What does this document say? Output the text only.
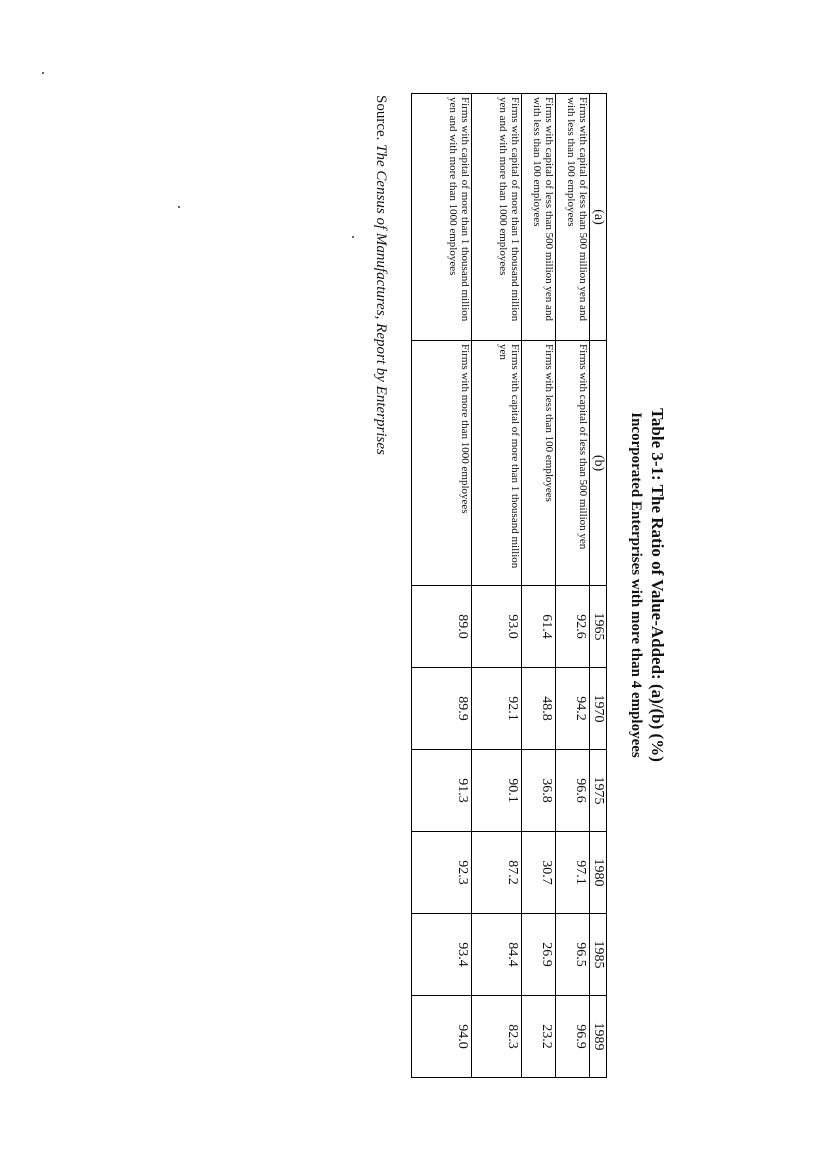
Table 3-1: The Ratio of Value-Added: (a)/(b) (%)
Incorporated Enterprises with more than 4 employees
(a)	(b)	1965	1970	1975	1980	1985	1989
Firms with capital of less than 500 million yen and with less than 100 employees	Firms with capital of less than 500 million yen	92.6	94.2	96.6	97.1	96.5	96.9
Firms with capital of less than 500 million yen and with less than 100 employees	Firms with less than 100 employees	61.4	48.8	36.8	30.7	26.9	23.2
Firms with capital of more than 1 thousand million yen and with more than 1000 employees	Firms with capital of more than 1 thousand million yen	93.0	92.1	90.1	87.2	84.4	82.3
Firms with capital of more than 1 thousand million yen and with more than 1000 employees	Firms with more than 1000 employees	89.0	89.9	91.3	92.3	93.4	94.0
Source. The Census of Manufactures, Report by Enterprises
